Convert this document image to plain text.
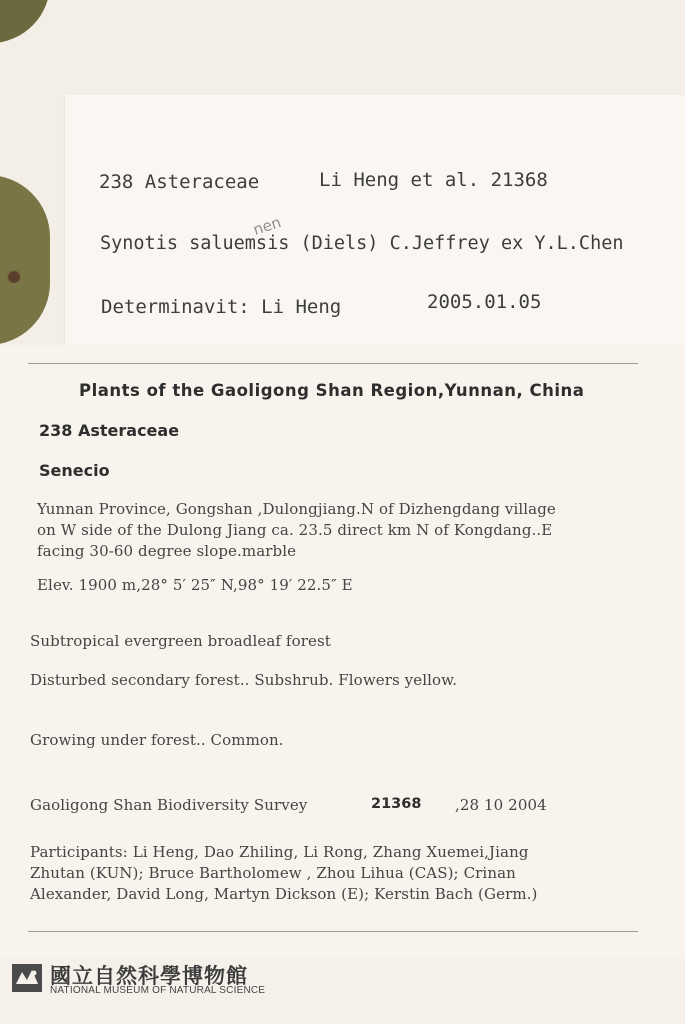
238 Asteraceae	Li Heng et al. 21368
Synotis saluemsis (Diels) C.Jeffrey ex Y.L.Chen
nen
Determinavit: Li Heng	2005.01.05
Plants of the Gaoligong Shan Region,Yunnan, China
238 Asteraceae
Senecio
Yunnan Province, Gongshan ,Dulongjiang.N of Dizhengdang village
on W side of the Dulong Jiang ca. 23.5 direct km N of Kongdang..E
facing 30-60 degree slope.marble
Elev. 1900 m,28° 5′ 25″ N,98° 19′ 22.5″ E
Subtropical evergreen broadleaf forest
Disturbed secondary forest.. Subshrub. Flowers yellow.
Growing under forest.. Common.
Gaoligong Shan Biodiversity Survey	21368 ,28 10 2004
Participants: Li Heng, Dao Zhiling, Li Rong, Zhang Xuemei,Jiang
Zhutan (KUN); Bruce Bartholomew , Zhou Lihua (CAS); Crinan
Alexander, David Long, Martyn Dickson (E); Kerstin Bach (Germ.)
國立自然科學博物館
NATIONAL MUSEUM OF NATURAL SCIENCE
